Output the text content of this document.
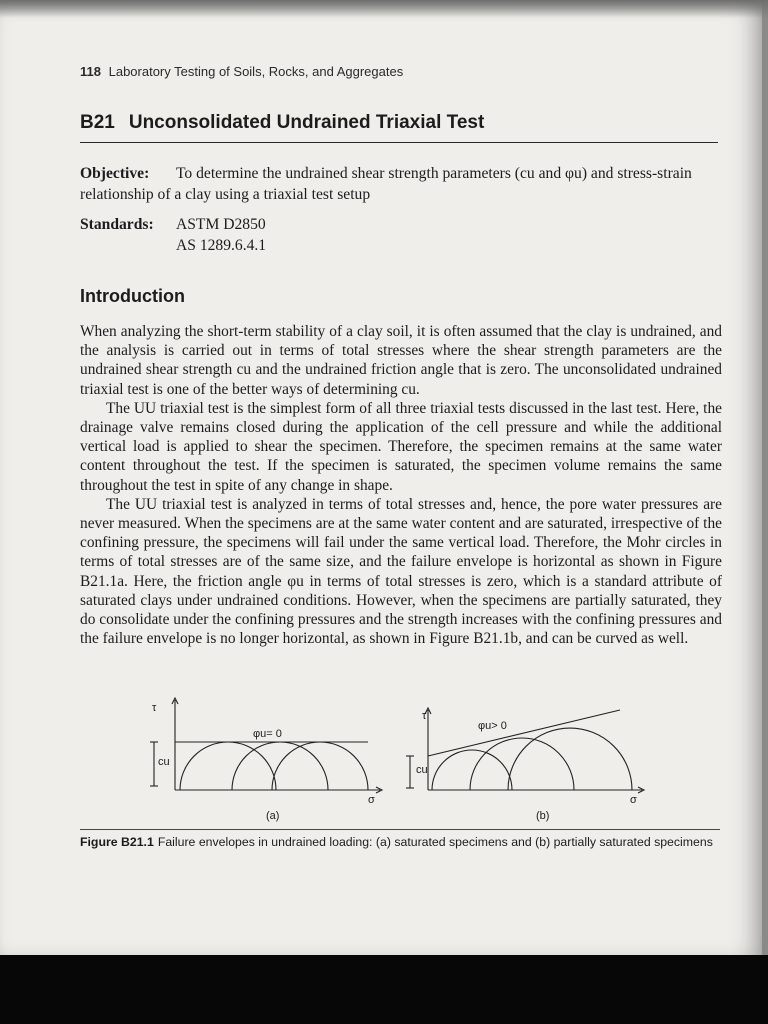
118 Laboratory Testing of Soils, Rocks, and Aggregates
B21 Unconsolidated Undrained Triaxial Test
Objective: To determine the undrained shear strength parameters (cu and φu) and stress-strain relationship of a clay using a triaxial test setup
Standards: ASTM D2850
AS 1289.6.4.1
Introduction

When analyzing the short-term stability of a clay soil, it is often assumed that the clay is undrained, and the analysis is carried out in terms of total stresses where the shear strength parameters are the undrained shear strength cu and the undrained friction angle that is zero. The unconsolidated undrained triaxial test is one of the better ways of determining cu.

The UU triaxial test is the simplest form of all three triaxial tests discussed in the last test. Here, the drainage valve remains closed during the application of the cell pressure and while the additional vertical load is applied to shear the specimen. Therefore, the specimen remains at the same water content throughout the test. If the specimen is saturated, the specimen volume remains the same throughout the test in spite of any change in shape.

The UU triaxial test is analyzed in terms of total stresses and, hence, the pore water pressures are never measured. When the specimens are at the same water content and are saturated, irrespective of the confining pressure, the specimens will fail under the same vertical load. Therefore, the Mohr circles in terms of total stresses are of the same size, and the failure envelope is horizontal as shown in Figure B21.1a. Here, the friction angle φu in terms of total stresses is zero, which is a standard attribute of saturated clays under undrained conditions. However, when the specimens are partially saturated, they do consolidate under the confining pressures and the strength increases with the confining pressures and the failure envelope is no longer horizontal, as shown in Figure B21.1b, and can be curved as well.

τ
σ
cu
φu= 0
(a)
τ
σ
cu
φu> 0
(b)
Figure B21.1 Failure envelopes in undrained loading: (a) saturated specimens and (b) partially saturated specimens
